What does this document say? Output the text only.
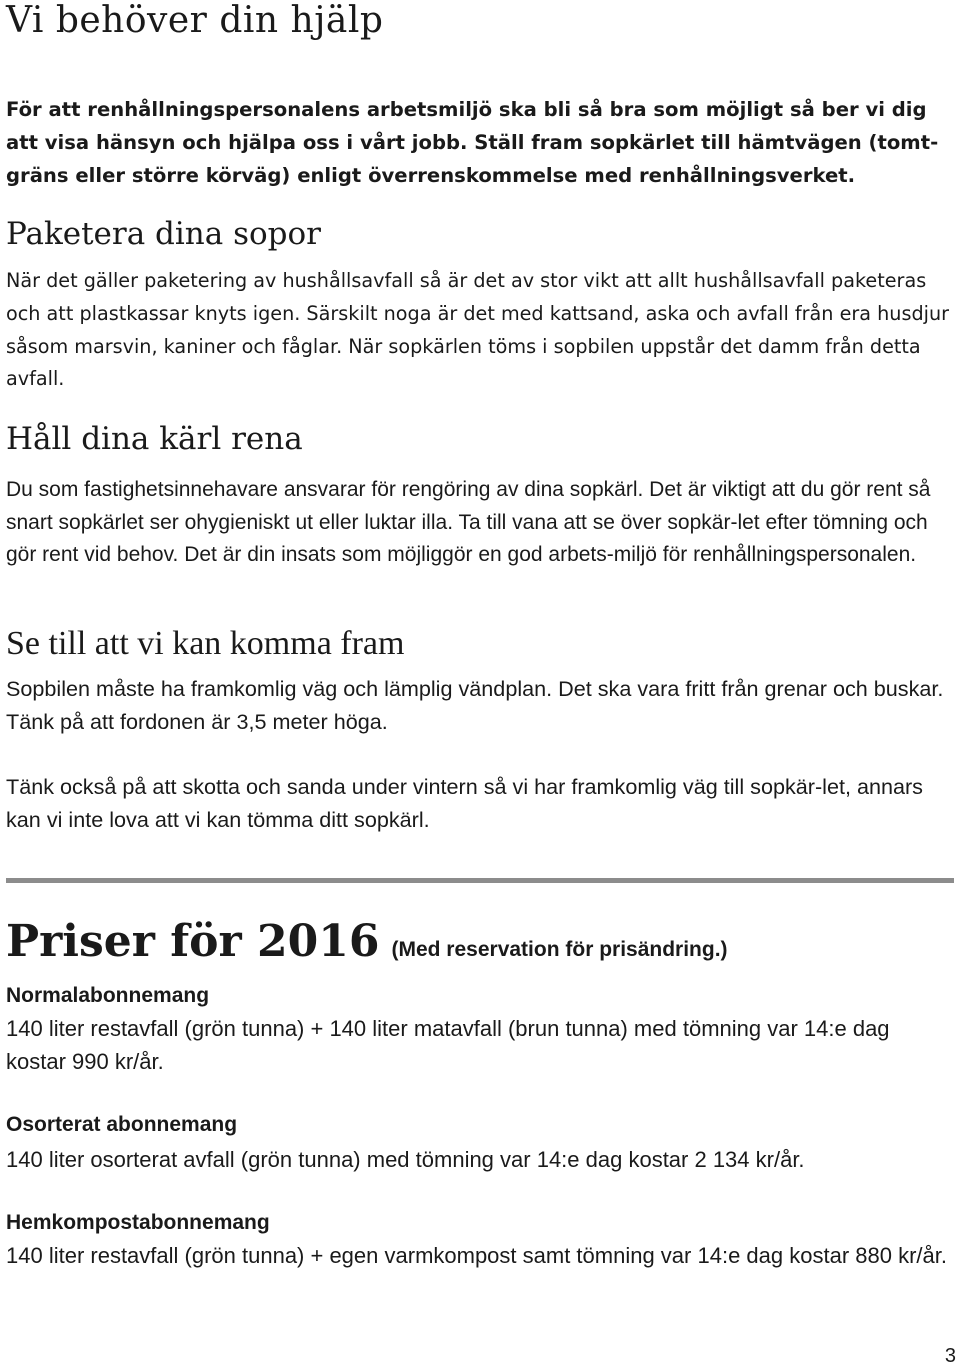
Vi behöver din hjälp

För att renhållningspersonalens arbetsmiljö ska bli så bra som möjligt så ber vi dig att visa hänsyn och hjälpa oss i vårt jobb. Ställ fram sopkärlet till hämtvägen (tomt-gräns eller större körväg) enligt överrenskommelse med renhållningsverket.

Paketera dina sopor

När det gäller paketering av hushållsavfall så är det av stor vikt att allt hushållsavfall paketeras och att plastkassar knyts igen. Särskilt noga är det med kattsand, aska och avfall från era husdjur såsom marsvin, kaniner och fåglar. När sopkärlen töms i sopbilen uppstår det damm från detta avfall.

Håll dina kärl rena

Du som fastighetsinnehavare ansvarar för rengöring av dina sopkärl. Det är viktigt att du gör rent så snart sopkärlet ser ohygieniskt ut eller luktar illa. Ta till vana att se över sopkär-let efter tömning och gör rent vid behov. Det är din insats som möjliggör en god arbets-miljö för renhållningspersonalen.

Se till att vi kan komma fram

Sopbilen måste ha framkomlig väg och lämplig vändplan. Det ska vara fritt från grenar och buskar. Tänk på att fordonen är 3,5 meter höga.

Tänk också på att skotta och sanda under vintern så vi har framkomlig väg till sopkär-let, annars kan vi inte lova att vi kan tömma ditt sopkärl.

Priser för 2016 (Med reservation för prisändring.)
Normalabonnemang

140 liter restavfall (grön tunna) + 140 liter matavfall (brun tunna) med tömning var 14:e dag kostar 990 kr/år.

Osorterat abonnemang

140 liter osorterat avfall (grön tunna) med tömning var 14:e dag kostar 2 134 kr/år.

Hemkompostabonnemang

140 liter restavfall (grön tunna) + egen varmkompost samt tömning var 14:e dag kostar 880 kr/år.

3
